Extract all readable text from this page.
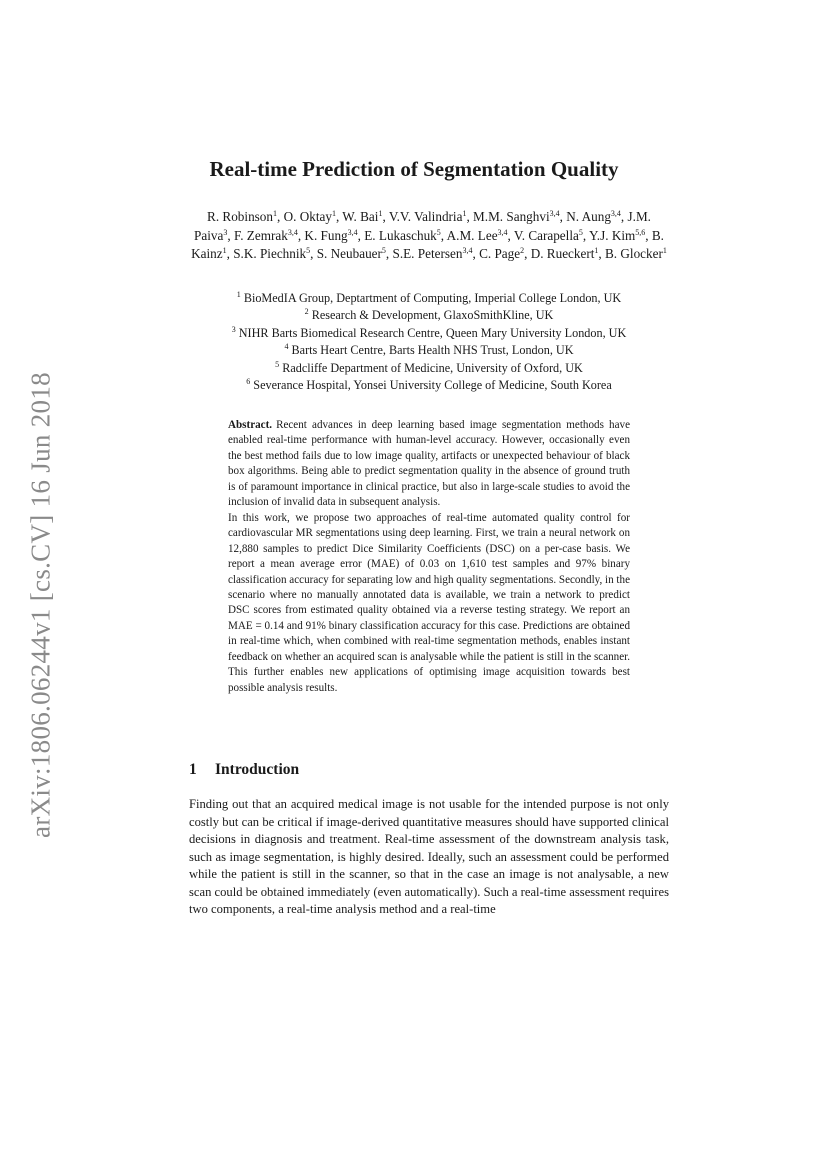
arXiv:1806.06244v1 [cs.CV] 16 Jun 2018
Real-time Prediction of Segmentation Quality
R. Robinson$^1$, O. Oktay$^1$, W. Bai$^1$, V.V. Valindria$^1$, M.M. Sanghvi$^{3,4}$, N. Aung$^{3,4}$, J.M. Paiva$^3$, F. Zemrak$^{3,4}$, K. Fung$^{3,4}$, E. Lukaschuk$^5$, A.M. Lee$^{3,4}$, V. Carapella$^5$, Y.J. Kim$^{5,6}$, B. Kainz$^1$, S.K. Piechnik$^5$, S. Neubauer$^5$, S.E. Petersen$^{3,4}$, C. Page$^2$, D. Rueckert$^1$, B. Glocker$^1$
$^1$ BioMedIA Group, Deptartment of Computing, Imperial College London, UK
$^2$ Research & Development, GlaxoSmithKline, UK
$^3$ NIHR Barts Biomedical Research Centre, Queen Mary University London, UK
$^4$ Barts Heart Centre, Barts Health NHS Trust, London, UK
$^5$ Radcliffe Department of Medicine, University of Oxford, UK
$^6$ Severance Hospital, Yonsei University College of Medicine, South Korea

Abstract. Recent advances in deep learning based image segmentation methods have enabled real-time performance with human-level accuracy. However, occasionally even the best method fails due to low image quality, artifacts or unexpected behaviour of black box algorithms. Being able to predict segmentation quality in the absence of ground truth is of paramount importance in clinical practice, but also in large-scale studies to avoid the inclusion of invalid data in subsequent analysis.

In this work, we propose two approaches of real-time automated quality control for cardiovascular MR segmentations using deep learning. First, we train a neural network on 12,880 samples to predict Dice Similarity Coefficients (DSC) on a per-case basis. We report a mean average error (MAE) of 0.03 on 1,610 test samples and 97% binary classification accuracy for separating low and high quality segmentations. Secondly, in the scenario where no manually annotated data is available, we train a network to predict DSC scores from estimated quality obtained via a reverse testing strategy. We report an MAE = 0.14 and 91% binary classification accuracy for this case. Predictions are obtained in real-time which, when combined with real-time segmentation methods, enables instant feedback on whether an acquired scan is analysable while the patient is still in the scanner. This further enables new applications of optimising image acquisition towards best possible analysis results.

1 Introduction

Finding out that an acquired medical image is not usable for the intended purpose is not only costly but can be critical if image-derived quantitative measures should have supported clinical decisions in diagnosis and treatment. Real-time assessment of the downstream analysis task, such as image segmentation, is highly desired. Ideally, such an assessment could be performed while the patient is still in the scanner, so that in the case an image is not analysable, a new scan could be obtained immediately (even automatically). Such a real-time assessment requires two components, a real-time analysis method and a real-time
